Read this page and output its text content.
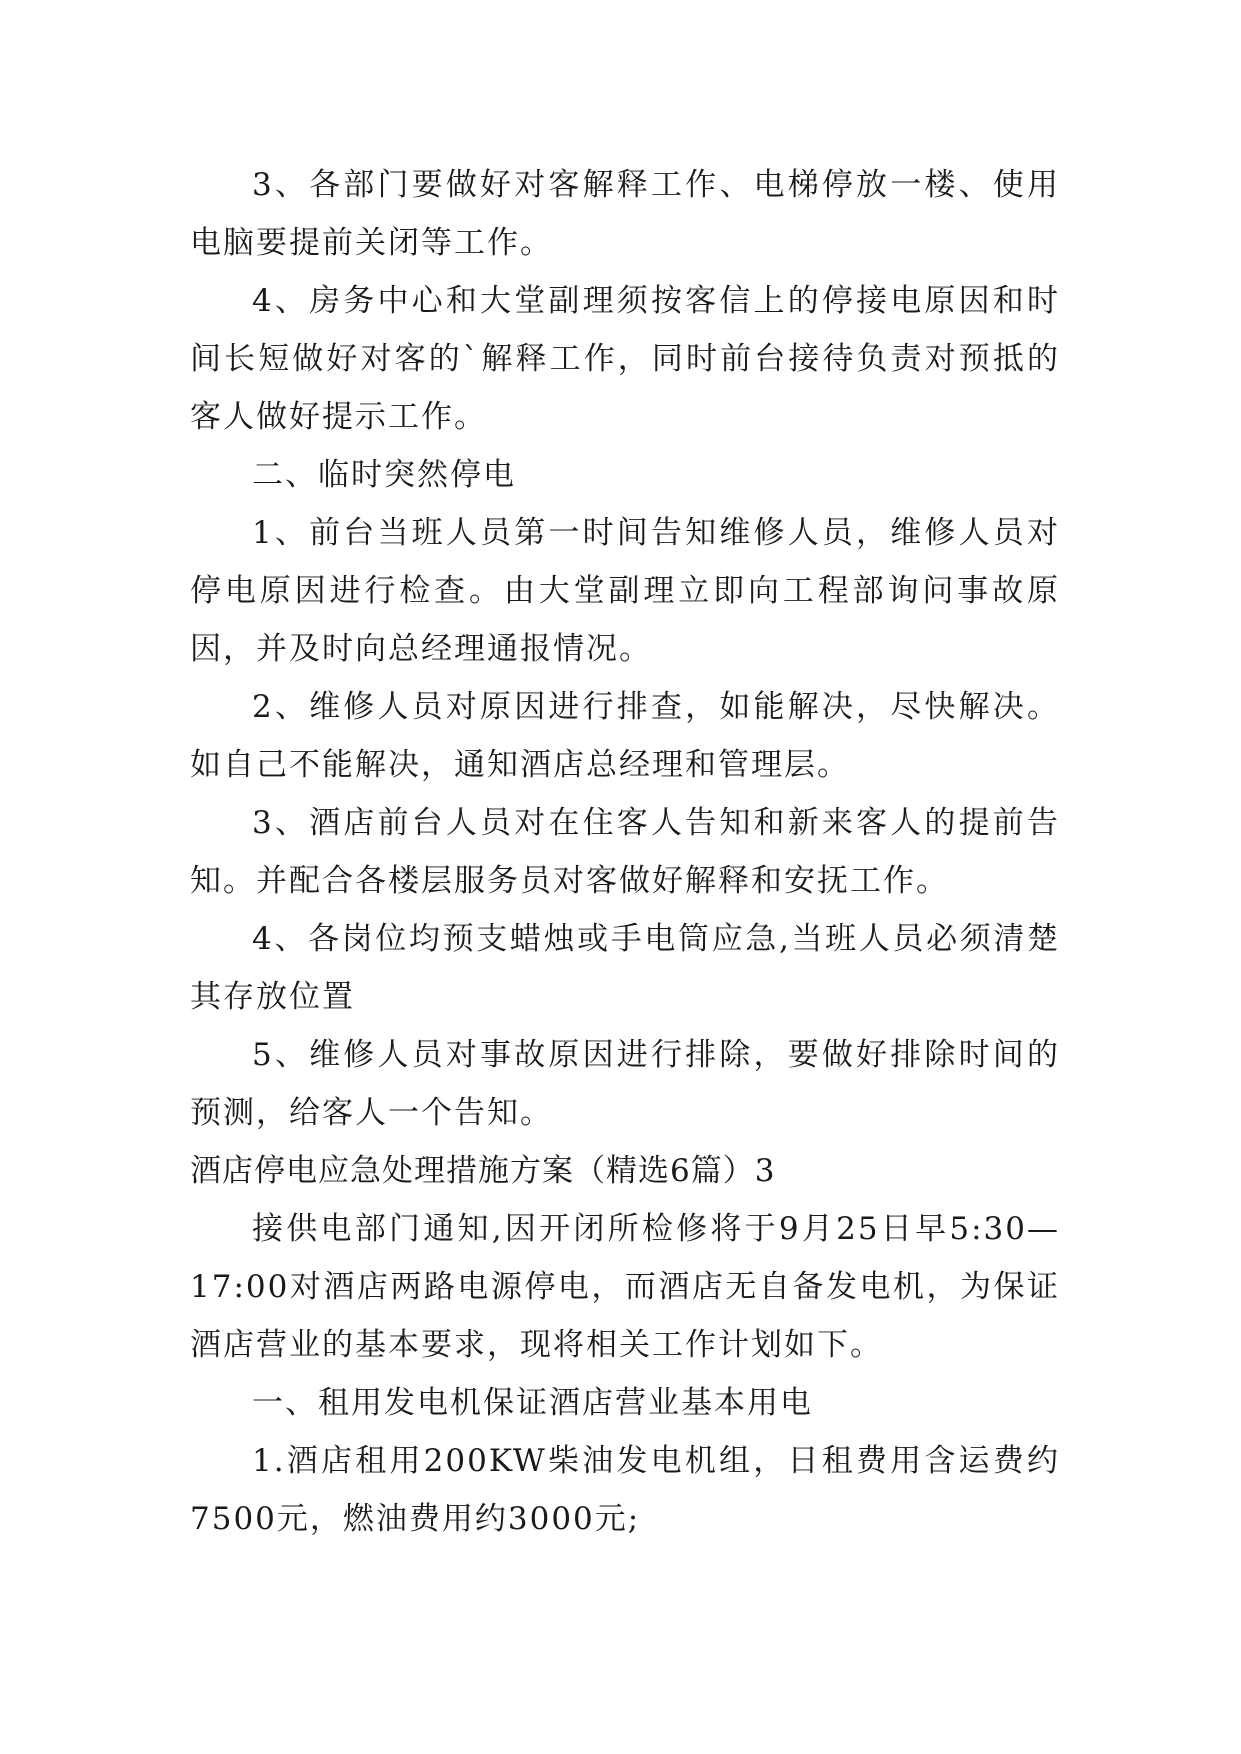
3、各部门要做好对客解释工作、电梯停放一楼、使用电脑要提前关闭等工作。

4、房务中心和大堂副理须按客信上的停接电原因和时间长短做好对客的`解释工作，同时前台接待负责对预抵的客人做好提示工作。

二、临时突然停电

1、前台当班人员第一时间告知维修人员，维修人员对停电原因进行检查。由大堂副理立即向工程部询问事故原因，并及时向总经理通报情况。

2、维修人员对原因进行排查，如能解决，尽快解决。如自己不能解决，通知酒店总经理和管理层。

3、酒店前台人员对在住客人告知和新来客人的提前告知。并配合各楼层服务员对客做好解释和安抚工作。

4、各岗位均预支蜡烛或手电筒应急,当班人员必须清楚其存放位置

5、维修人员对事故原因进行排除，要做好排除时间的预测，给客人一个告知。

酒店停电应急处理措施方案（精选6篇）3

接供电部门通知,因开闭所检修将于9月25日早5:30—17:00对酒店两路电源停电，而酒店无自备发电机，为保证酒店营业的基本要求，现将相关工作计划如下。

一、租用发电机保证酒店营业基本用电

1.酒店租用200KW柴油发电机组，日租费用含运费约7500元，燃油费用约3000元;
